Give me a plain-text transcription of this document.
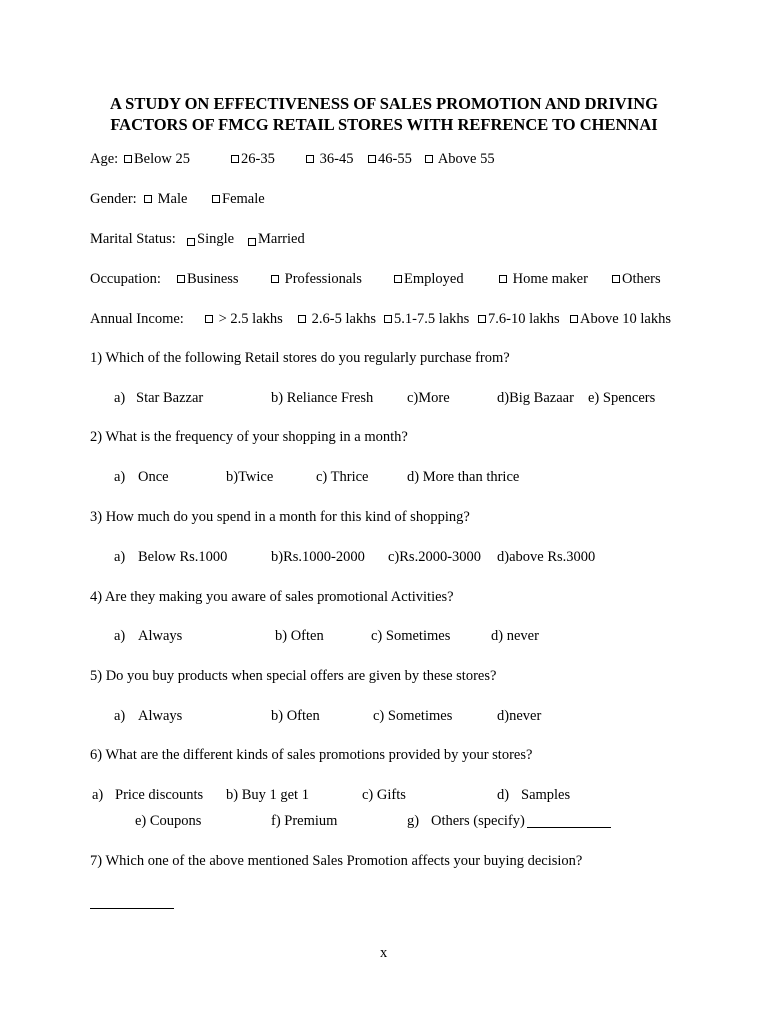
A STUDY ON EFFECTIVENESS OF SALES PROMOTION AND DRIVING
FACTORS OF FMCG RETAIL STORES WITH REFRENCE TO CHENNAI
Age:	Below 25	26-35	36-45	46-55	Above 55
Gender:	Male	Female
Marital Status:	Single	Married
Occupation:	Business	Professionals	Employed	Home maker	Others
Annual Income:	> 2.5 lakhs	2.6-5 lakhs	5.1-7.5 lakhs	7.6-10 lakhs	Above 10 lakhs
1) Which of the following Retail stores do you regularly purchase from?
a) Star Bazzar	b) Reliance Fresh c)More	d)Big Bazaar e) Spencers
2) What is the frequency of your shopping in a month?
a) Once	b)Twice	c) Thrice	d) More than thrice
3) How much do you spend in a month for this kind of shopping?
a) Below Rs.1000	b)Rs.1000-2000 c)Rs.2000-3000 d)above Rs.3000
4) Are they making you aware of sales promotional Activities?
a) Always	b) Often	c) Sometimes	d) never
5) Do you buy products when special offers are given by these stores?
a) Always	b) Often	c) Sometimes	d)never
6) What are the different kinds of sales promotions provided by your stores?
a) Price discounts b) Buy 1 get 1	c) Gifts	d) Samples
e) Coupons	f) Premium	g) Others (specify)
7) Which one of the above mentioned Sales Promotion affects your buying decision?
x
